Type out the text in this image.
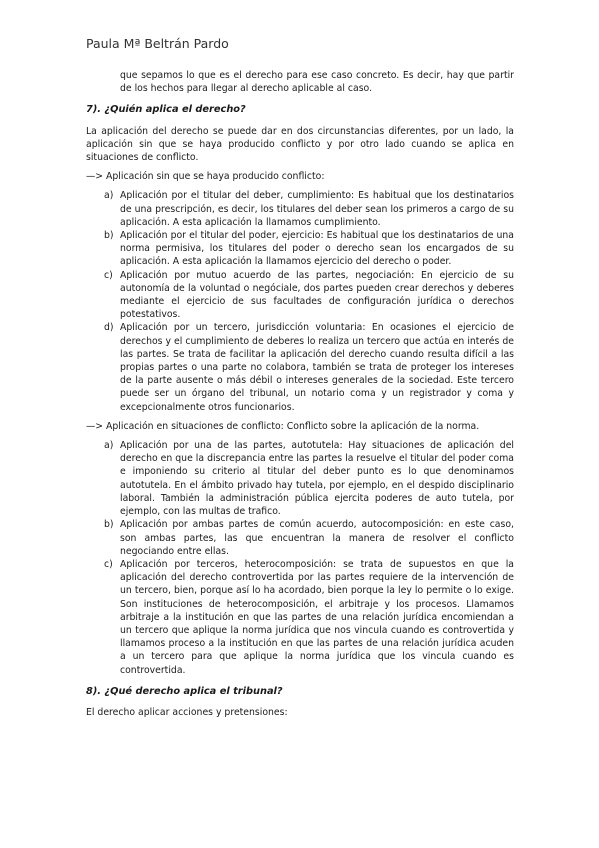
Paula Mª Beltrán Pardo

que sepamos lo que es el derecho para ese caso concreto. Es decir, hay que partir de los hechos para llegar al derecho aplicable al caso.

7). ¿Quién aplica el derecho?

La aplicación del derecho se puede dar en dos circunstancias diferentes, por un lado, la aplicación sin que se haya producido conflicto y por otro lado cuando se aplica en situaciones de conflicto.

—> Aplicación sin que se haya producido conflicto:

a) Aplicación por el titular del deber, cumplimiento: Es habitual que los destinatarios de una prescripción, es decir, los titulares del deber sean los primeros a cargo de su aplicación. A esta aplicación la llamamos cumplimiento.
b) Aplicación por el titular del poder, ejercicio: Es habitual que los destinatarios de una norma permisiva, los titulares del poder o derecho sean los encargados de su aplicación. A esta aplicación la llamamos ejercicio del derecho o poder.
c) Aplicación por mutuo acuerdo de las partes, negociación: En ejercicio de su autonomía de la voluntad o negóciale, dos partes pueden crear derechos y deberes mediante el ejercicio de sus facultades de configuración jurídica o derechos potestativos.
d) Aplicación por un tercero, jurisdicción voluntaria: En ocasiones el ejercicio de derechos y el cumplimiento de deberes lo realiza un tercero que actúa en interés de las partes. Se trata de facilitar la aplicación del derecho cuando resulta difícil a las propias partes o una parte no colabora, también se trata de proteger los intereses de la parte ausente o más débil o intereses generales de la sociedad. Este tercero puede ser un órgano del tribunal, un notario coma y un registrador y coma y excepcionalmente otros funcionarios.

—> Aplicación en situaciones de conflicto: Conflicto sobre la aplicación de la norma.

a) Aplicación por una de las partes, autotutela: Hay situaciones de aplicación del derecho en que la discrepancia entre las partes la resuelve el titular del poder coma e imponiendo su criterio al titular del deber punto es lo que denominamos autotutela. En el ámbito privado hay tutela, por ejemplo, en el despido disciplinario laboral. También la administración pública ejercita poderes de auto tutela, por ejemplo, con las multas de trafico.
b) Aplicación por ambas partes de común acuerdo, autocomposición: en este caso, son ambas partes, las que encuentran la manera de resolver el conflicto negociando entre ellas.
c) Aplicación por terceros, heterocomposición: se trata de supuestos en que la aplicación del derecho controvertida por las partes requiere de la intervención de un tercero, bien, porque así lo ha acordado, bien porque la ley lo permite o lo exige. Son instituciones de heterocomposición, el arbitraje y los procesos. Llamamos arbitraje a la institución en que las partes de una relación jurídica encomiendan a un tercero que aplique la norma jurídica que nos vincula cuando es controvertida y llamamos proceso a la institución en que las partes de una relación jurídica acuden a un tercero para que aplique la norma jurídica que los vincula cuando es controvertida.

8). ¿Qué derecho aplica el tribunal?

El derecho aplicar acciones y pretensiones:
